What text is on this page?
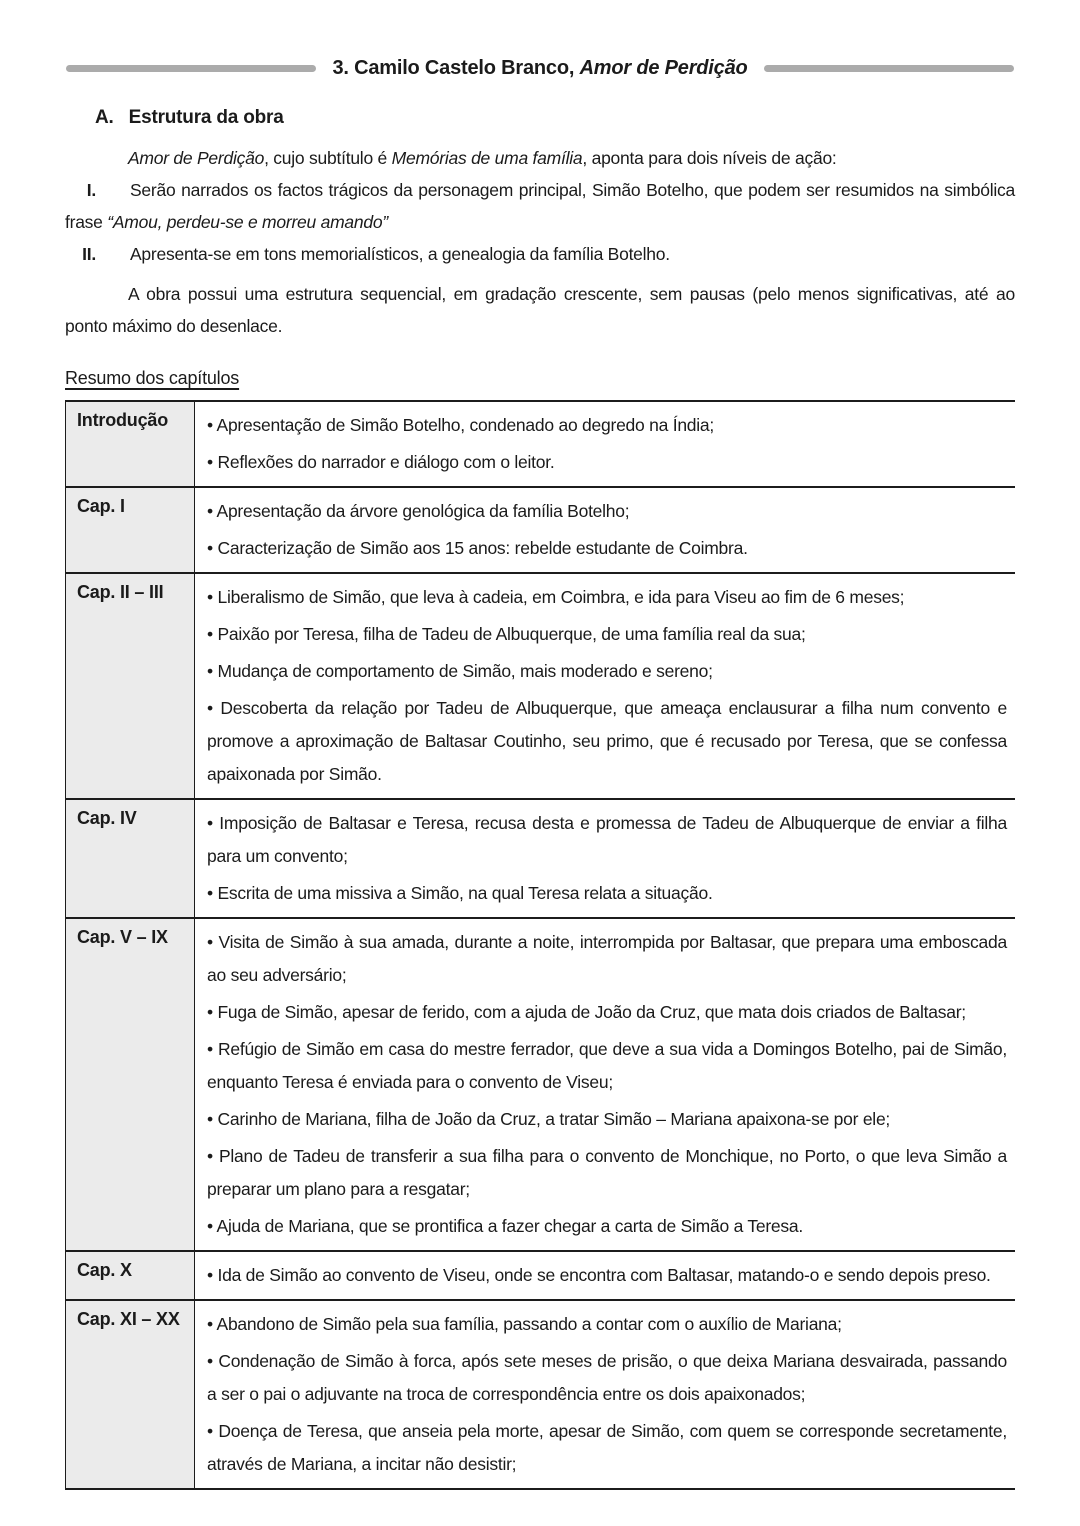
3. Camilo Castelo Branco, Amor de Perdição
A. Estrutura da obra

Amor de Perdição, cujo subtítulo é Memórias de uma família, aponta para dois níveis de ação:

I. Serão narrados os factos trágicos da personagem principal, Simão Botelho, que podem ser resumidos na simbólica frase “Amou, perdeu-se e morreu amando”

II. Apresenta-se em tons memorialísticos, a genealogia da família Botelho.

A obra possui uma estrutura sequencial, em gradação crescente, sem pausas (pelo menos significativas, até ao ponto máximo do desenlace.

Resumo dos capítulos
Introdução	• Apresentação de Simão Botelho, condenado ao degredo na Índia;

• Reflexões do narrador e diálogo com o leitor.

Cap. I	• Apresentação da árvore genológica da família Botelho;

• Caracterização de Simão aos 15 anos: rebelde estudante de Coimbra.

Cap. II – III	• Liberalismo de Simão, que leva à cadeia, em Coimbra, e ida para Viseu ao fim de 6 meses;

• Paixão por Teresa, filha de Tadeu de Albuquerque, de uma família real da sua;

• Mudança de comportamento de Simão, mais moderado e sereno;

• Descoberta da relação por Tadeu de Albuquerque, que ameaça enclausurar a filha num convento e promove a aproximação de Baltasar Coutinho, seu primo, que é recusado por Teresa, que se confessa apaixonada por Simão.

Cap. IV	• Imposição de Baltasar e Teresa, recusa desta e promessa de Tadeu de Albuquerque de enviar a filha para um convento;

• Escrita de uma missiva a Simão, na qual Teresa relata a situação.

Cap. V – IX	• Visita de Simão à sua amada, durante a noite, interrompida por Baltasar, que prepara uma emboscada ao seu adversário;

• Fuga de Simão, apesar de ferido, com a ajuda de João da Cruz, que mata dois criados de Baltasar;

• Refúgio de Simão em casa do mestre ferrador, que deve a sua vida a Domingos Botelho, pai de Simão, enquanto Teresa é enviada para o convento de Viseu;

• Carinho de Mariana, filha de João da Cruz, a tratar Simão – Mariana apaixona-se por ele;

• Plano de Tadeu de transferir a sua filha para o convento de Monchique, no Porto, o que leva Simão a preparar um plano para a resgatar;

• Ajuda de Mariana, que se prontifica a fazer chegar a carta de Simão a Teresa.

Cap. X	• Ida de Simão ao convento de Viseu, onde se encontra com Baltasar, matando-o e sendo depois preso.

Cap. XI – XX	• Abandono de Simão pela sua família, passando a contar com o auxílio de Mariana;

• Condenação de Simão à forca, após sete meses de prisão, o que deixa Mariana desvairada, passando a ser o pai o adjuvante na troca de correspondência entre os dois apaixonados;

• Doença de Teresa, que anseia pela morte, apesar de Simão, com quem se corresponde secretamente, através de Mariana, a incitar não desistir;
